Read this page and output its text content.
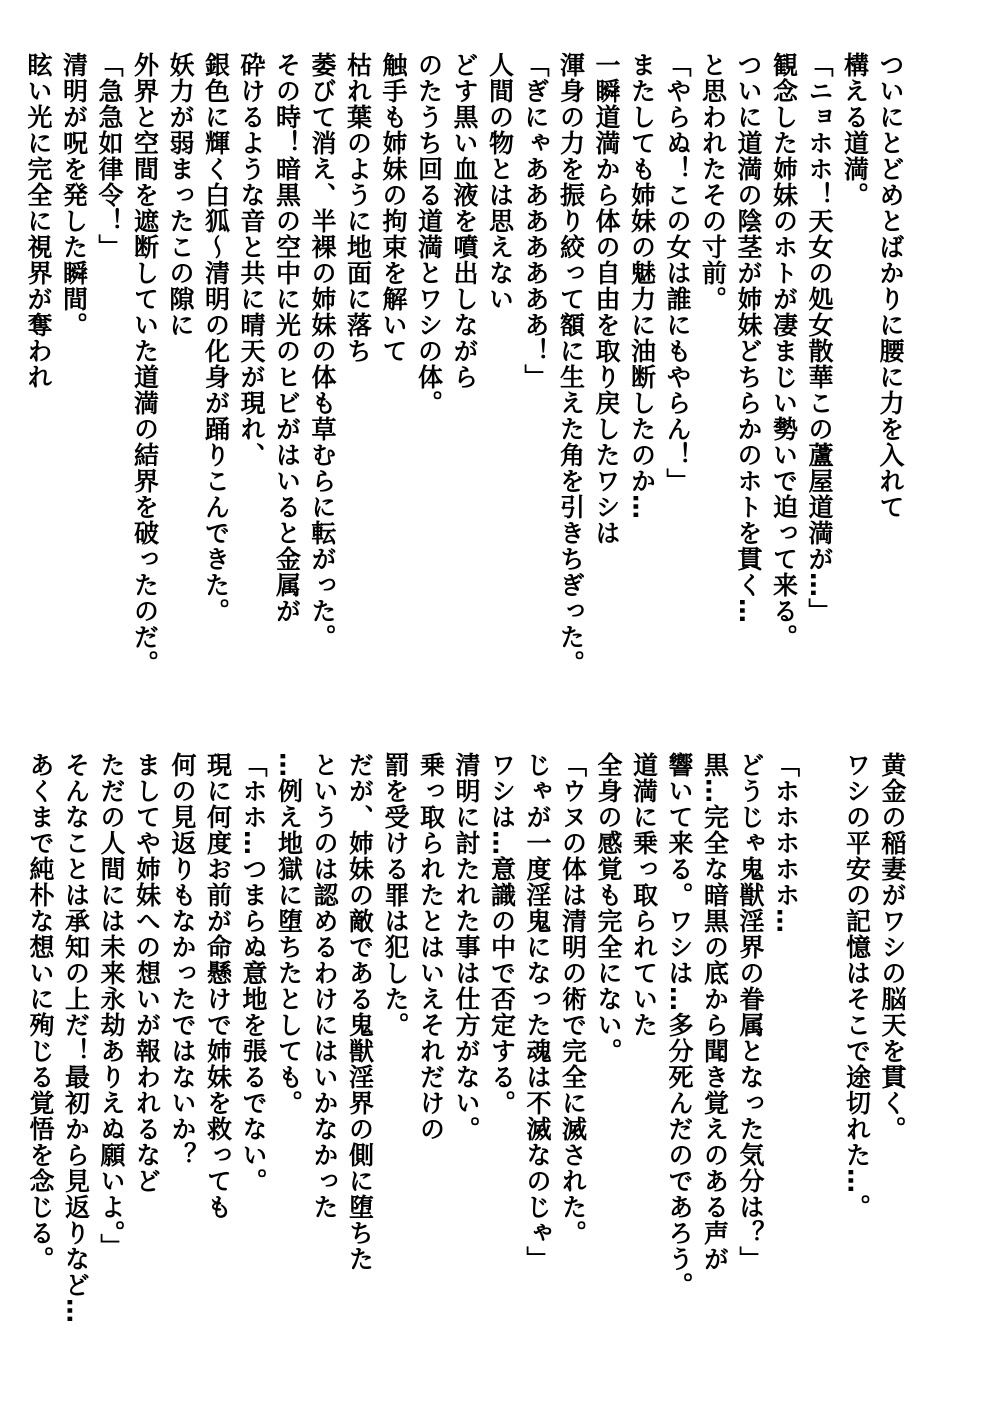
ついにとどめとばかりに腰に力を入れて
構える道満。
「ニョホホ！天女の処女散華この蘆屋道満が…」
観念した姉妹のホトが凄まじい勢いで迫って来る。
ついに道満の陰茎が姉妹どちらかのホトを貫く…
と思われたその寸前。
「やらぬ！この女は誰にもやらん！」
またしても姉妹の魅力に油断したのか…
一瞬道満から体の自由を取り戻したワシは
渾身の力を振り絞って額に生えた角を引きちぎった。
「ぎにゃあああああああ！」
人間の物とは思えない
どす黒い血液を噴出しながら
のたうち回る道満とワシの体。
触手も姉妹の拘束を解いて
枯れ葉のように地面に落ち
萎びて消え、半裸の姉妹の体も草むらに転がった。
その時！暗黒の空中に光のヒビがはいると金属が
砕けるような音と共に晴天が現れ、
銀色に輝く白狐～清明の化身が踊りこんできた。
妖力が弱まったこの隙に
外界と空間を遮断していた道満の結界を破ったのだ。
「急急如律令！」
清明が呪を発した瞬間。
眩い光に完全に視界が奪われ
黄金の稲妻がワシの脳天を貫く。
ワシの平安の記憶はそこで途切れた…。
「ホホホホホ…
どうじゃ鬼獣淫界の眷属となった気分は？」
黒…完全な暗黒の底から聞き覚えのある声が
響いて来る。ワシは…多分死んだのであろう。
道満に乗っ取られていた
全身の感覚も完全にない。
「ウヌの体は清明の術で完全に滅された。
じゃが一度淫鬼になった魂は不滅なのじゃ」
ワシは…意識の中で否定する。
清明に討たれた事は仕方がない。
乗っ取られたとはいえそれだけの
罰を受ける罪は犯した。
だが、姉妹の敵である鬼獣淫界の側に堕ちた
というのは認めるわけにはいかなかった
…例え地獄に堕ちたとしても。
「ホホ…つまらぬ意地を張るでない。
現に何度お前が命懸けで姉妹を救っても
何の見返りもなかったではないか？
ましてや姉妹への想いが報われるなど
ただの人間には未来永劫ありえぬ願いよ。」
そんなことは承知の上だ！最初から見返りなど…
あくまで純朴な想いに殉じる覚悟を念じる。
